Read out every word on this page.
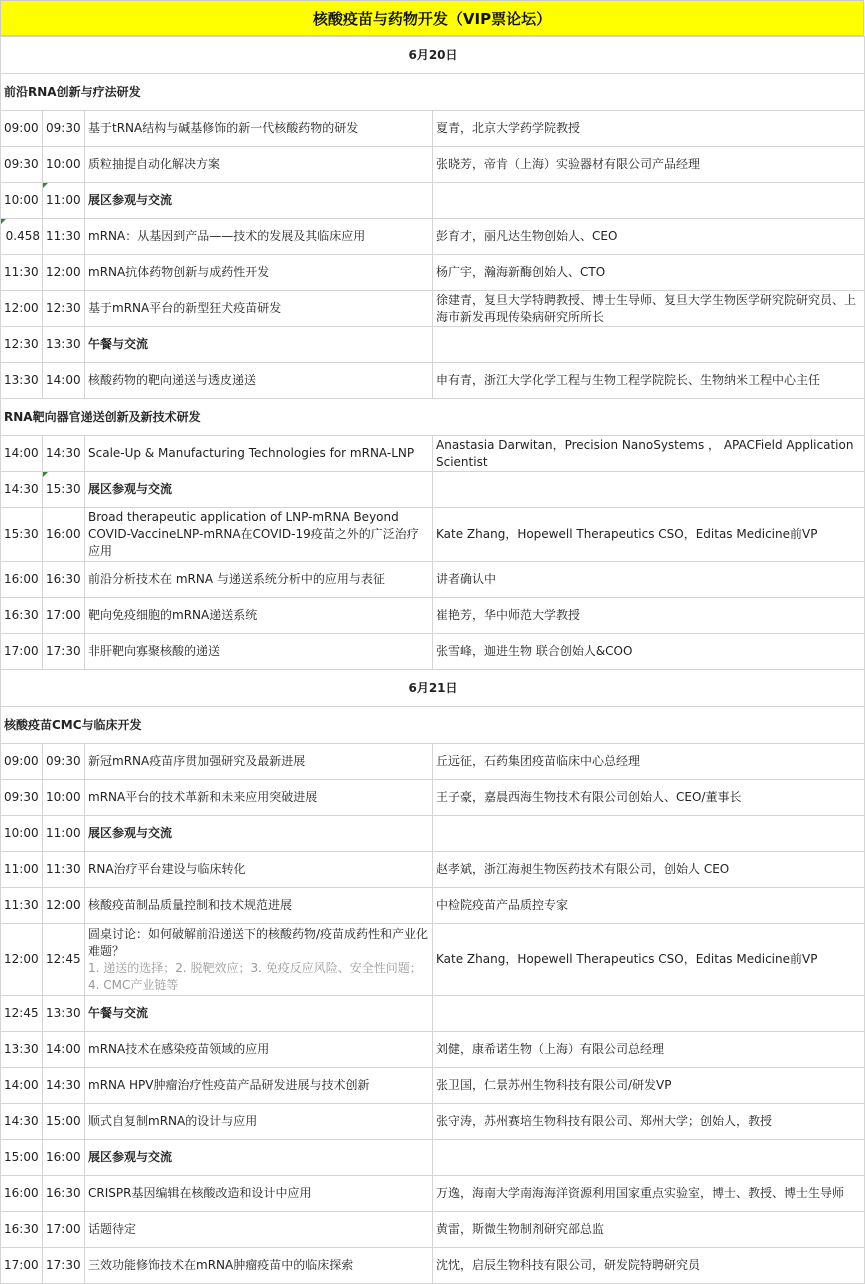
核酸疫苗与药物开发（VIP票论坛）
6月20日			
前沿RNA创新与疗法研发			
09:00	09:30	基于tRNA结构与碱基修饰的新一代核酸药物的研发	夏青，北京大学药学院教授
09:30	10:00	质粒抽提自动化解决方案	张晓芳，帝肯（上海）实验器材有限公司产品经理
10:00	11:00	展区参观与交流	

0.458	11:30	mRNA：从基因到产品——技术的发展及其临床应用	彭育才，丽凡达生物创始人、CEO
11:30	12:00	mRNA抗体药物创新与成药性开发	杨广宇，瀚海新酶创始人、CTO
12:00	12:30	基于mRNA平台的新型狂犬疫苗研发	徐建青，复旦大学特聘教授、博士生导师、复旦大学生物医学研究院研究员、上海市新发再现传染病研究所所长
12:30	13:30	午餐与交流	

13:30	14:00	核酸药物的靶向递送与透皮递送	申有青，浙江大学化学工程与生物工程学院院长、生物纳米工程中心主任
RNA靶向器官递送创新及新技术研发			
14:00	14:30	Scale-Up & Manufacturing Technologies for mRNA-LNP	Anastasia Darwitan，Precision NanoSystems ， APACField Application Scientist
14:30	15:30	展区参观与交流	

15:30	16:00	Broad therapeutic application of LNP-mRNA Beyond COVID-VaccineLNP-mRNA在COVID-19疫苗之外的广泛治疗应用	Kate Zhang，Hopewell Therapeutics CSO，Editas Medicine前VP
16:00	16:30	前沿分析技术在 mRNA 与递送系统分析中的应用与表征	讲者确认中
16:30	17:00	靶向免疫细胞的mRNA递送系统	崔艳芳，华中师范大学教授
17:00	17:30	非肝靶向寡聚核酸的递送	张雪峰，迦进生物 联合创始人&COO
6月21日			
核酸疫苗CMC与临床开发			
09:00	09:30	新冠mRNA疫苗序贯加强研究及最新进展	丘远征，石药集团疫苗临床中心总经理
09:30	10:00	mRNA平台的技术革新和未来应用突破进展	王子豪，嘉晨西海生物技术有限公司创始人、CEO/董事长
10:00	11:00	展区参观与交流	

11:00	11:30	RNA治疗平台建设与临床转化	赵孝斌，浙江海昶生物医药技术有限公司，创始人 CEO
11:30	12:00	核酸疫苗制品质量控制和技术规范进展	中检院疫苗产品质控专家
12:00	12:45	圆桌讨论：如何破解前沿递送下的核酸药物/疫苗成药性和产业化难题？
1. 递送的选择；2. 脱靶效应；3. 免疫反应风险、安全性问题；4. CMC产业链等	Kate Zhang，Hopewell Therapeutics CSO，Editas Medicine前VP
12:45	13:30	午餐与交流	

13:30	14:00	mRNA技术在感染疫苗领域的应用	刘健，康希诺生物（上海）有限公司总经理
14:00	14:30	mRNA HPV肿瘤治疗性疫苗产品研发进展与技术创新	张卫国，仁景苏州生物科技有限公司/研发VP
14:30	15:00	顺式自复制mRNA的设计与应用	张守涛，苏州赛培生物科技有限公司、郑州大学；创始人，教授
15:00	16:00	展区参观与交流	

16:00	16:30	CRISPR基因编辑在核酸改造和设计中应用	万逸，海南大学南海海洋资源利用国家重点实验室，博士、教授、博士生导师
16:30	17:00	话题待定	黄雷，斯微生物制剂研究部总监
17:00	17:30	三效功能修饰技术在mRNA肿瘤疫苗中的临床探索	沈忱，启辰生物科技有限公司，研发院特聘研究员
